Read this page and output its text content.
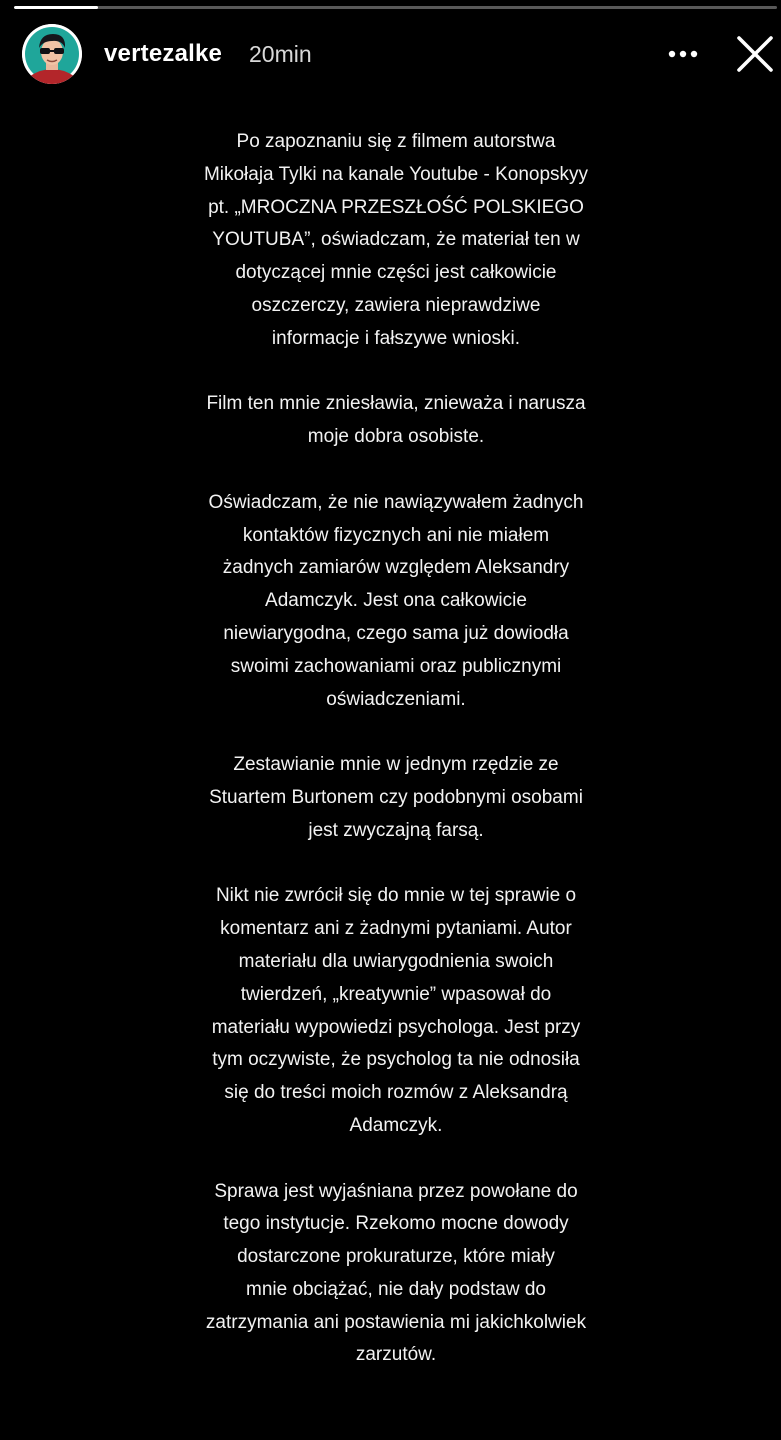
vertezalke 20min

Po zapoznaniu się z filmem autorstwa
Mikołaja Tylki na kanale Youtube - Konopskyy
pt. „MROCZNA PRZESZŁOŚĆ POLSKIEGO
YOUTUBA”, oświadczam, że materiał ten w
dotyczącej mnie części jest całkowicie
oszczerczy, zawiera nieprawdziwe
informacje i fałszywe wnioski.

Film ten mnie zniesławia, znieważa i narusza
moje dobra osobiste.

Oświadczam, że nie nawiązywałem żadnych
kontaktów fizycznych ani nie miałem
żadnych zamiarów względem Aleksandry
Adamczyk. Jest ona całkowicie
niewiarygodna, czego sama już dowiodła
swoimi zachowaniami oraz publicznymi
oświadczeniami.

Zestawianie mnie w jednym rzędzie ze
Stuartem Burtonem czy podobnymi osobami
jest zwyczajną farsą.

Nikt nie zwrócił się do mnie w tej sprawie o
komentarz ani z żadnymi pytaniami. Autor
materiału dla uwiarygodnienia swoich
twierdzeń, „kreatywnie” wpasował do
materiału wypowiedzi psychologa. Jest przy
tym oczywiste, że psycholog ta nie odnosiła
się do treści moich rozmów z Aleksandrą
Adamczyk.

Sprawa jest wyjaśniana przez powołane do
tego instytucje. Rzekomo mocne dowody
dostarczone prokuraturze, które miały
mnie obciążać, nie dały podstaw do
zatrzymania ani postawienia mi jakichkolwiek
zarzutów.
